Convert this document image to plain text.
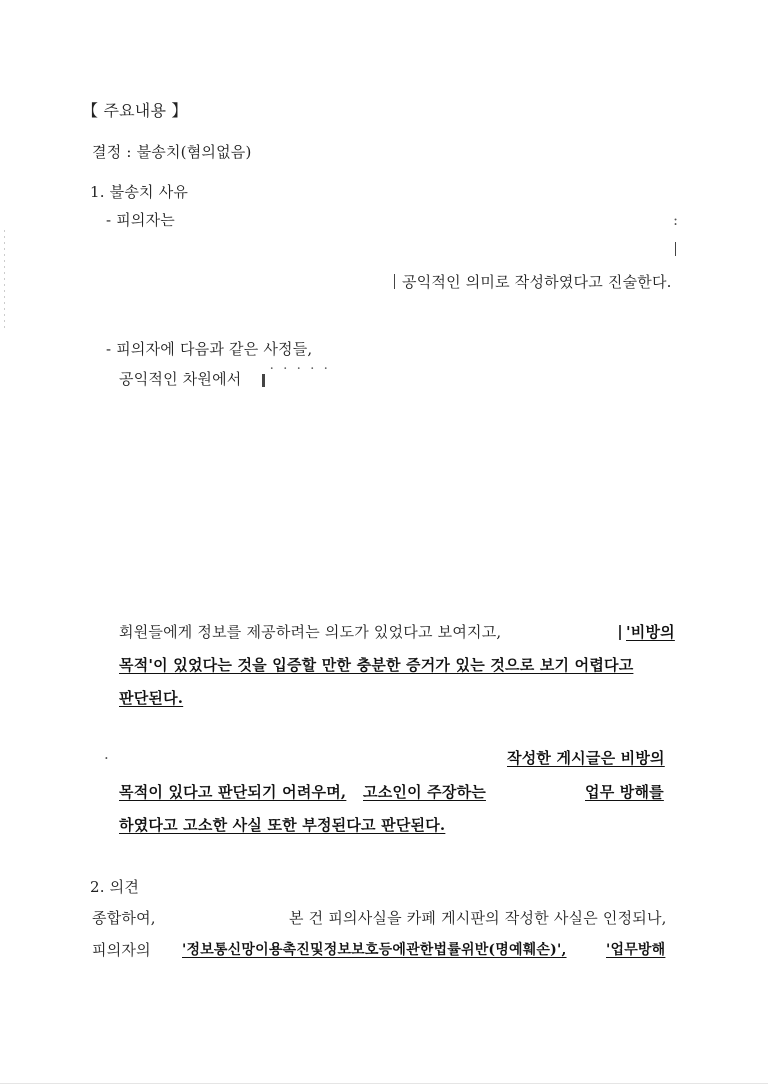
【 주요내용 】
결정 : 불송치(혐의없음)
1. 불송치 사유
- 피의자는	:
공익적인 의미로 작성하였다고 진술한다.
- 피의자에 다음과 같은 사정들,
공익적인 차원에서 ˙˙˙˙˙
회원들에게 정보를 제공하려는 의도가 있었다고 보여지고,	'비방의
목적'이 있었다는 것을 입증할 만한 충분한 증거가 있는 것으로 보기 어렵다고
판단된다.
·	작성한 게시글은 비방의
목적이 있다고 판단되기 어려우며, 고소인이 주장하는	업무 방해를
하였다고 고소한 사실 또한 부정된다고 판단된다.
2. 의견
종합하여,	본 건 피의사실을 카페 게시판의 작성한 사실은 인정되나,
피의자의 '정보통신망이용촉진및정보보호등에관한법률위반(명예훼손)',	'업무방해
